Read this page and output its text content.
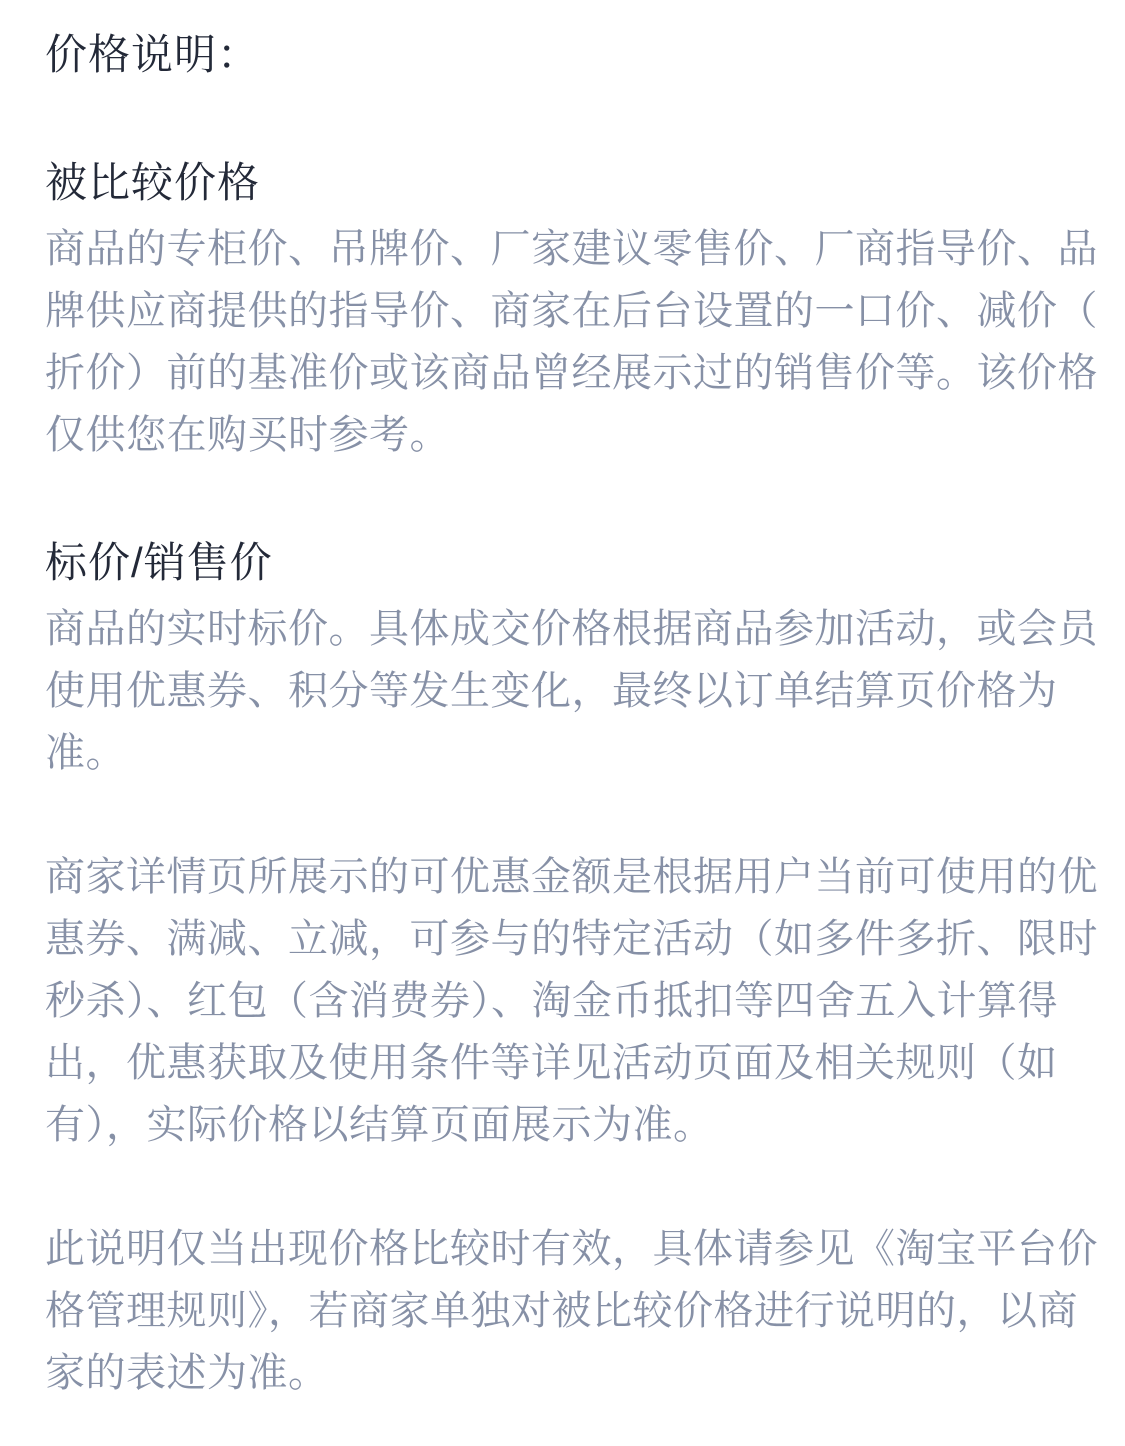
价格说明：
被比较价格

商品的专柜价、吊牌价、厂家建议零售价、厂商指导价、品
牌供应商提供的指导价、商家在后台设置的一口价、减价（
折价）前的基准价或该商品曾经展示过的销售价等。该价格
仅供您在购买时参考。

标价/销售价

商品的实时标价。具体成交价格根据商品参加活动，或会员
使用优惠券、积分等发生变化，最终以订单结算页价格为
准。

商家详情页所展示的可优惠金额是根据用户当前可使用的优
惠券、满减、立减，可参与的特定活动（如多件多折、限时
秒杀）、红包（含消费券）、淘金币抵扣等四舍五入计算得
出，优惠获取及使用条件等详见活动页面及相关规则（如
有），实际价格以结算页面展示为准。

此说明仅当出现价格比较时有效，具体请参见《淘宝平台价
格管理规则》，若商家单独对被比较价格进行说明的，以商
家的表述为准。
